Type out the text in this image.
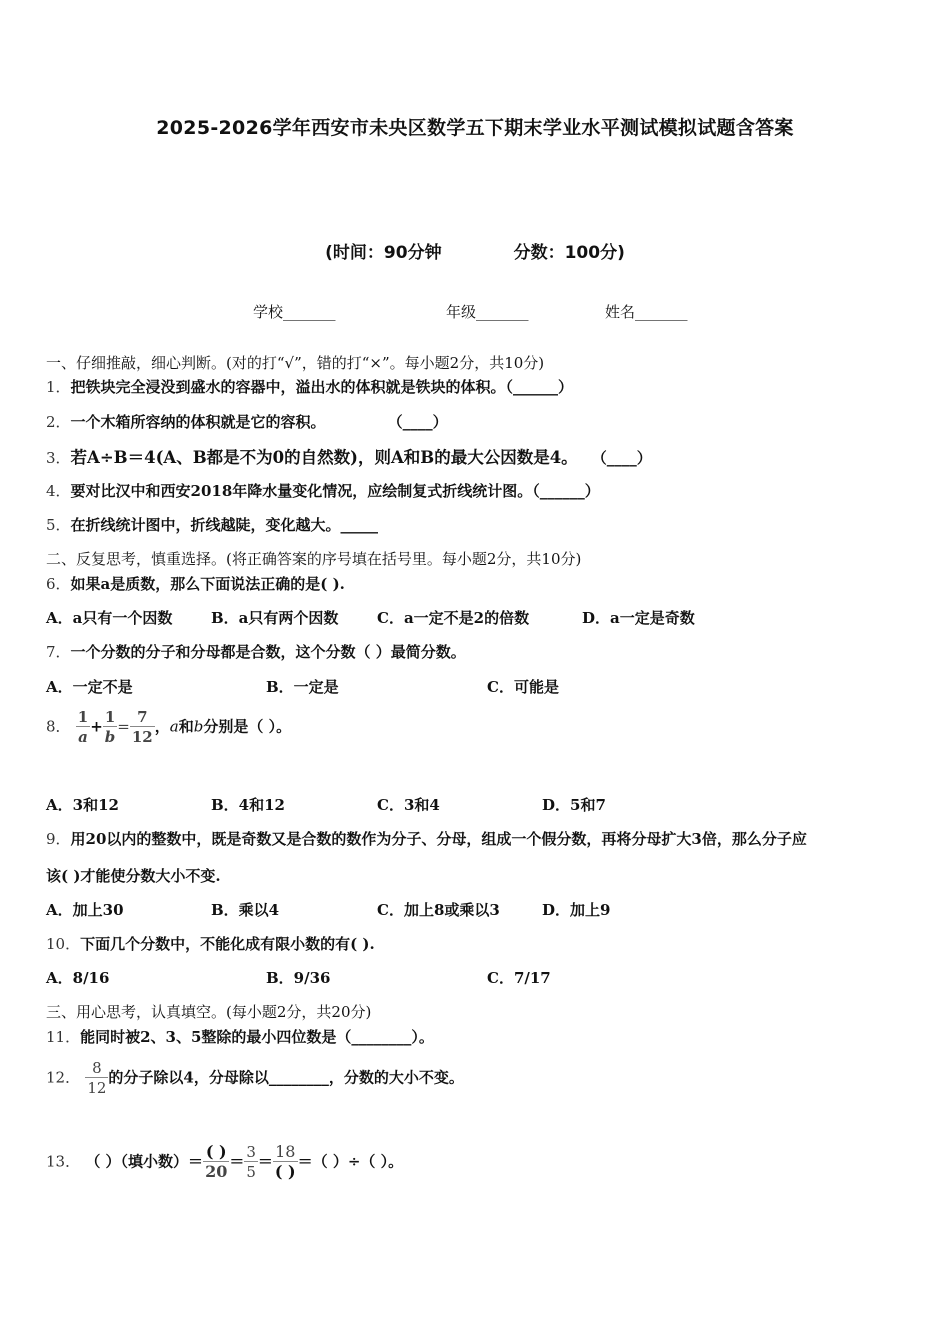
2025-2026学年西安市未央区数学五下期末学业水平测试模拟试题含答案
(时间：90分钟	分数：100分)
学校_______	年级_______	姓名_______
一、仔细推敲，细心判断。(对的打“√”，错的打“×”。每小题2分，共10分)
1．把铁块完全浸没到盛水的容器中，溢出水的体积就是铁块的体积。（______）
2．一个木箱所容纳的体积就是它的容积。	（____）
3．若A÷B＝4(A、B都是不为0的自然数)，则A和B的最大公因数是4。 （____）
4．要对比汉中和西安2018年降水量变化情况，应绘制复式折线统计图。（______）
5．在折线统计图中，折线越陡，变化越大。_____
二、反复思考，慎重选择。(将正确答案的序号填在括号里。每小题2分，共10分)
6．如果a是质数，那么下面说法正确的是( ).
A．a只有一个因数	B．a只有两个因数	C．a一定不是2的倍数	D．a一定是奇数
7．一个分数的分子和分母都是合数，这个分数（ ）最简分数。
A．一定不是	B．一定是	C．可能是
8． $\frac{1}{a} + \frac{1}{b} = \frac{7}{12}$ ，a和b分别是（ ）。
A．3和12	B．4和12	C．3和4	D．5和7
9．用20以内的整数中，既是奇数又是合数的数作为分子、分母，组成一个假分数，再将分母扩大3倍，那么分子应
该( )才能使分数大小不变.
A．加上30	B．乘以4	C．加上8或乘以3	D．加上9
10．下面几个分数中，不能化成有限小数的有( ).
A．8/16	B．9/36	C．7/17
三、用心思考，认真填空。(每小题2分，共20分)
11．能同时被2、3、5整除的最小四位数是（________）。
12． $\frac{8}{12}$ 的分子除以4，分母除以________，分数的大小不变。
13． （ ）（填小数）＝ $\frac{( )}{20} = \frac{3}{5} = \frac{18}{( )}$ ＝（ ）÷（ ）。
